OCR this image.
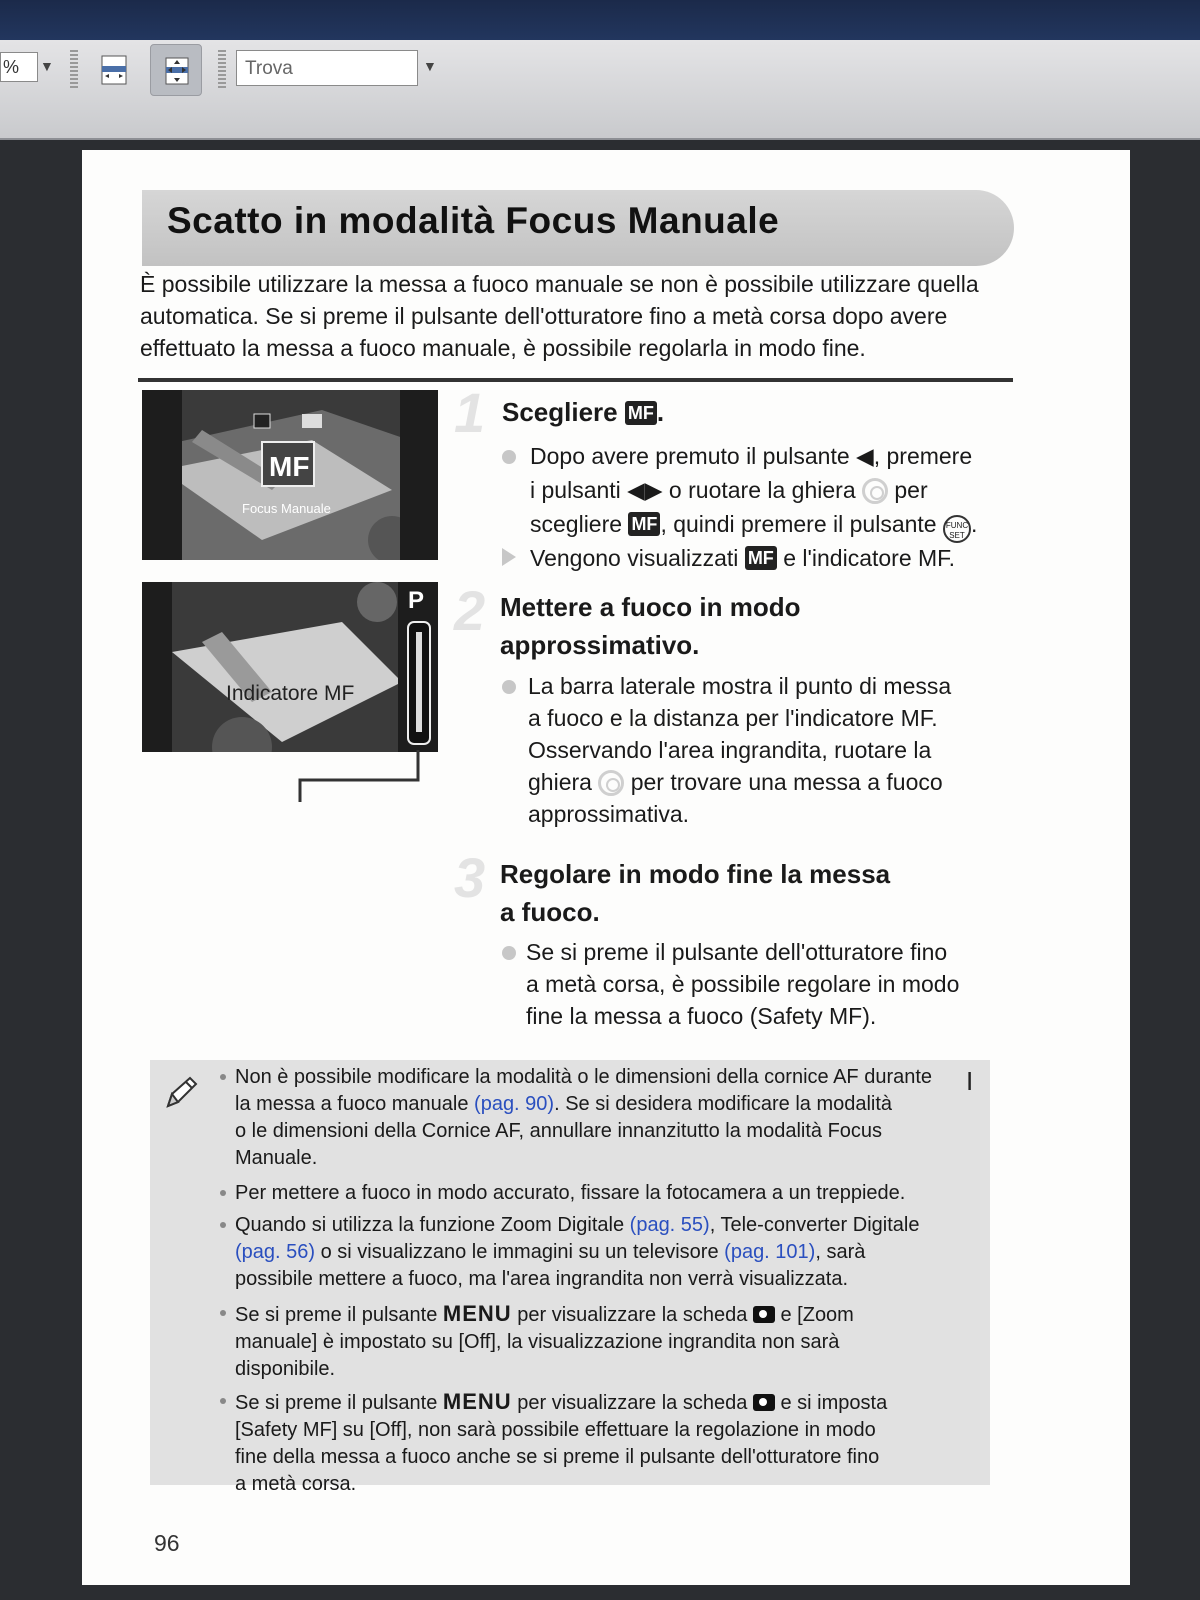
%	▼	Trova	▼
Scatto in modalità Focus Manuale
È possibile utilizzare la messa a fuoco manuale se non è possibile utilizzare quella automatica. Se si preme il pulsante dell'otturatore fino a metà corsa dopo avere effettuato la messa a fuoco manuale, è possibile regolarla in modo fine.
MF
Focus Manuale
P
Indicatore MF
1 Scegliere MF .
Dopo avere premuto il pulsante ◀, premere
i pulsanti ◀▶ o ruotare la ghiera per
scegliere MF , quindi premere il pulsante FUNC
SET .
Vengono visualizzati MF e l'indicatore MF.
2 Mettere a fuoco in modo
approssimativo.
La barra laterale mostra il punto di messa
a fuoco e la distanza per l'indicatore MF.
Osservando l'area ingrandita, ruotare la
ghiera per trovare una messa a fuoco
approssimativa.
3 Regolare in modo fine la messa
a fuoco.
Se si preme il pulsante dell'otturatore fino
a metà corsa, è possibile regolare in modo
fine la messa a fuoco (Safety MF).
Non è possibile modificare la modalità o le dimensioni della cornice AF durante
la messa a fuoco manuale (pag. 90). Se si desidera modificare la modalità
o le dimensioni della Cornice AF, annullare innanzitutto la modalità Focus
Manuale.
Per mettere a fuoco in modo accurato, fissare la fotocamera a un treppiede.
Quando si utilizza la funzione Zoom Digitale (pag. 55), Tele-converter Digitale
(pag. 56) o si visualizzano le immagini su un televisore (pag. 101), sarà
possibile mettere a fuoco, ma l'area ingrandita non verrà visualizzata.
Se si preme il pulsante MENU per visualizzare la scheda e [Zoom
manuale] è impostato su [Off], la visualizzazione ingrandita non sarà
disponibile.
Se si preme il pulsante MENU per visualizzare la scheda e si imposta
[Safety MF] su [Off], non sarà possibile effettuare la regolazione in modo
fine della messa a fuoco anche se si preme il pulsante dell'otturatore fino
a metà corsa.
I
96
